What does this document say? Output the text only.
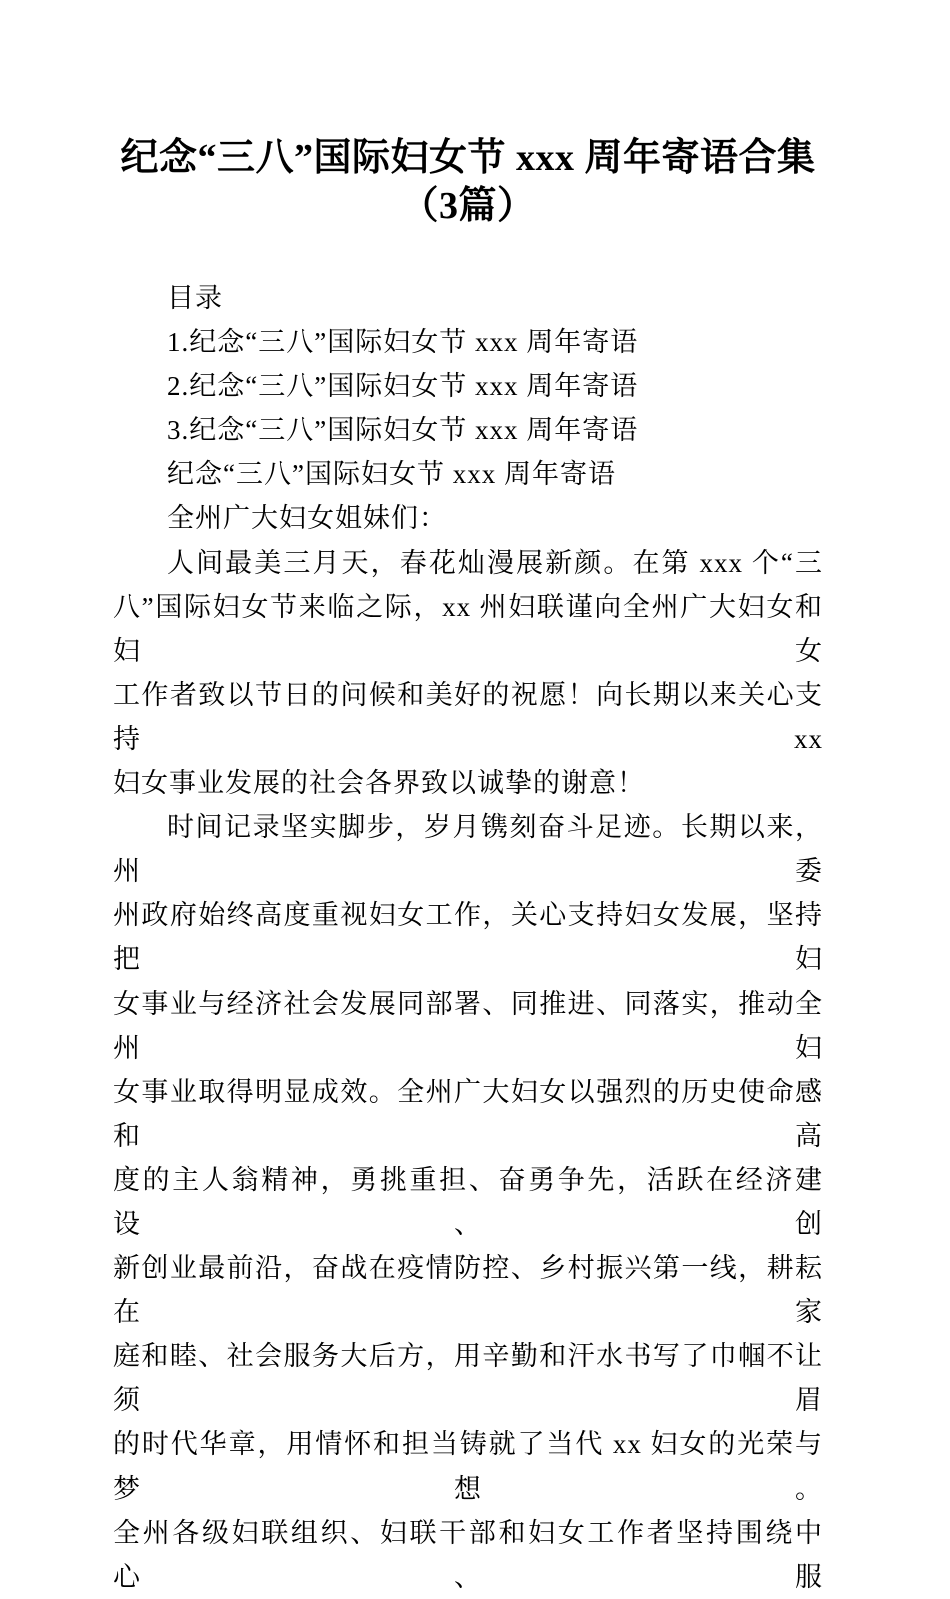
纪念“三八”国际妇女节 xxx 周年寄语合集
（3篇）
目录
1.纪念“三八”国际妇女节 xxx 周年寄语
2.纪念“三八”国际妇女节 xxx 周年寄语
3.纪念“三八”国际妇女节 xxx 周年寄语
纪念“三八”国际妇女节 xxx 周年寄语
全州广大妇女姐妹们：
人间最美三月天，春花灿漫展新颜。在第 xxx 个“三
八”国际妇女节来临之际，xx 州妇联谨向全州广大妇女和妇女
工作者致以节日的问候和美好的祝愿！向长期以来关心支持 xx
妇女事业发展的社会各界致以诚挚的谢意！
时间记录坚实脚步，岁月镌刻奋斗足迹。长期以来，州委
州政府始终高度重视妇女工作，关心支持妇女发展，坚持把妇
女事业与经济社会发展同部署、同推进、同落实，推动全州妇
女事业取得明显成效。全州广大妇女以强烈的历史使命感和高
度的主人翁精神，勇挑重担、奋勇争先，活跃在经济建设、创
新创业最前沿，奋战在疫情防控、乡村振兴第一线，耕耘在家
庭和睦、社会服务大后方，用辛勤和汗水书写了巾帼不让须眉
的时代华章，用情怀和担当铸就了当代 xx 妇女的光荣与梦想。
全州各级妇联组织、妇联干部和妇女工作者坚持围绕中心、服
